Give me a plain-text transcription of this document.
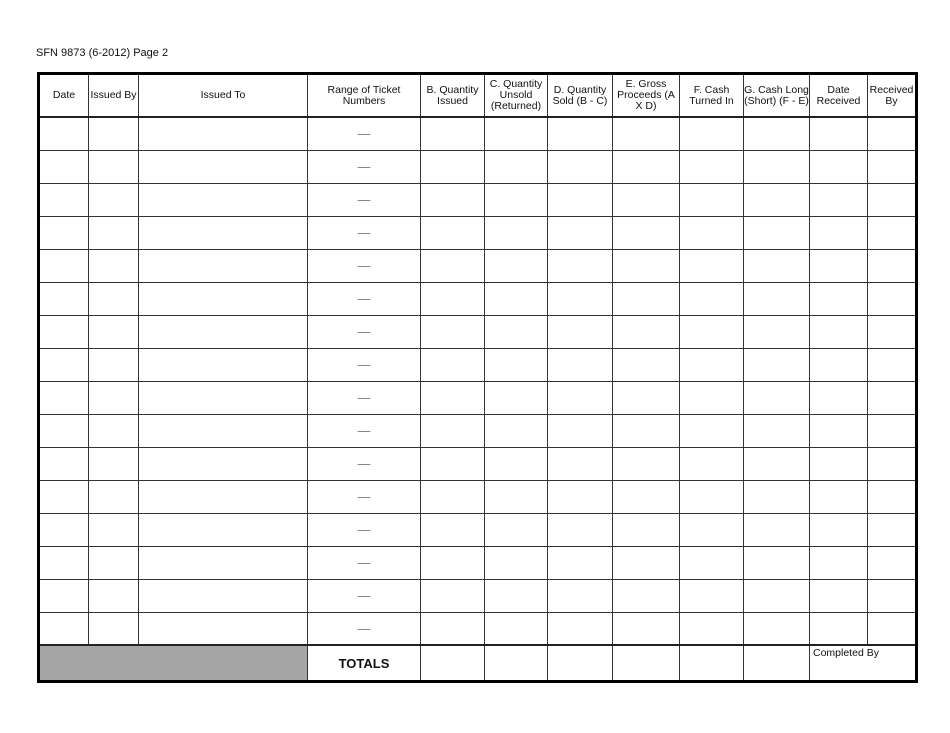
SFN 9873 (6-2012) Page 2
Date	Issued By	Issued To	Range of Ticket Numbers	B. Quantity Issued	C. Quantity Unsold (Returned)	D. Quantity Sold (B - C)	E. Gross Proceeds (A X D)	F. Cash Turned In	G. Cash Long (Short) (F - E)	Date Received	Received By

			—								

			—								

			—								

			—								

			—								

			—								

			—								

			—								

			—								

			—								

			—								

			—								

			—								

			—								

			—								

			—								

			TOTALS							Completed By	
